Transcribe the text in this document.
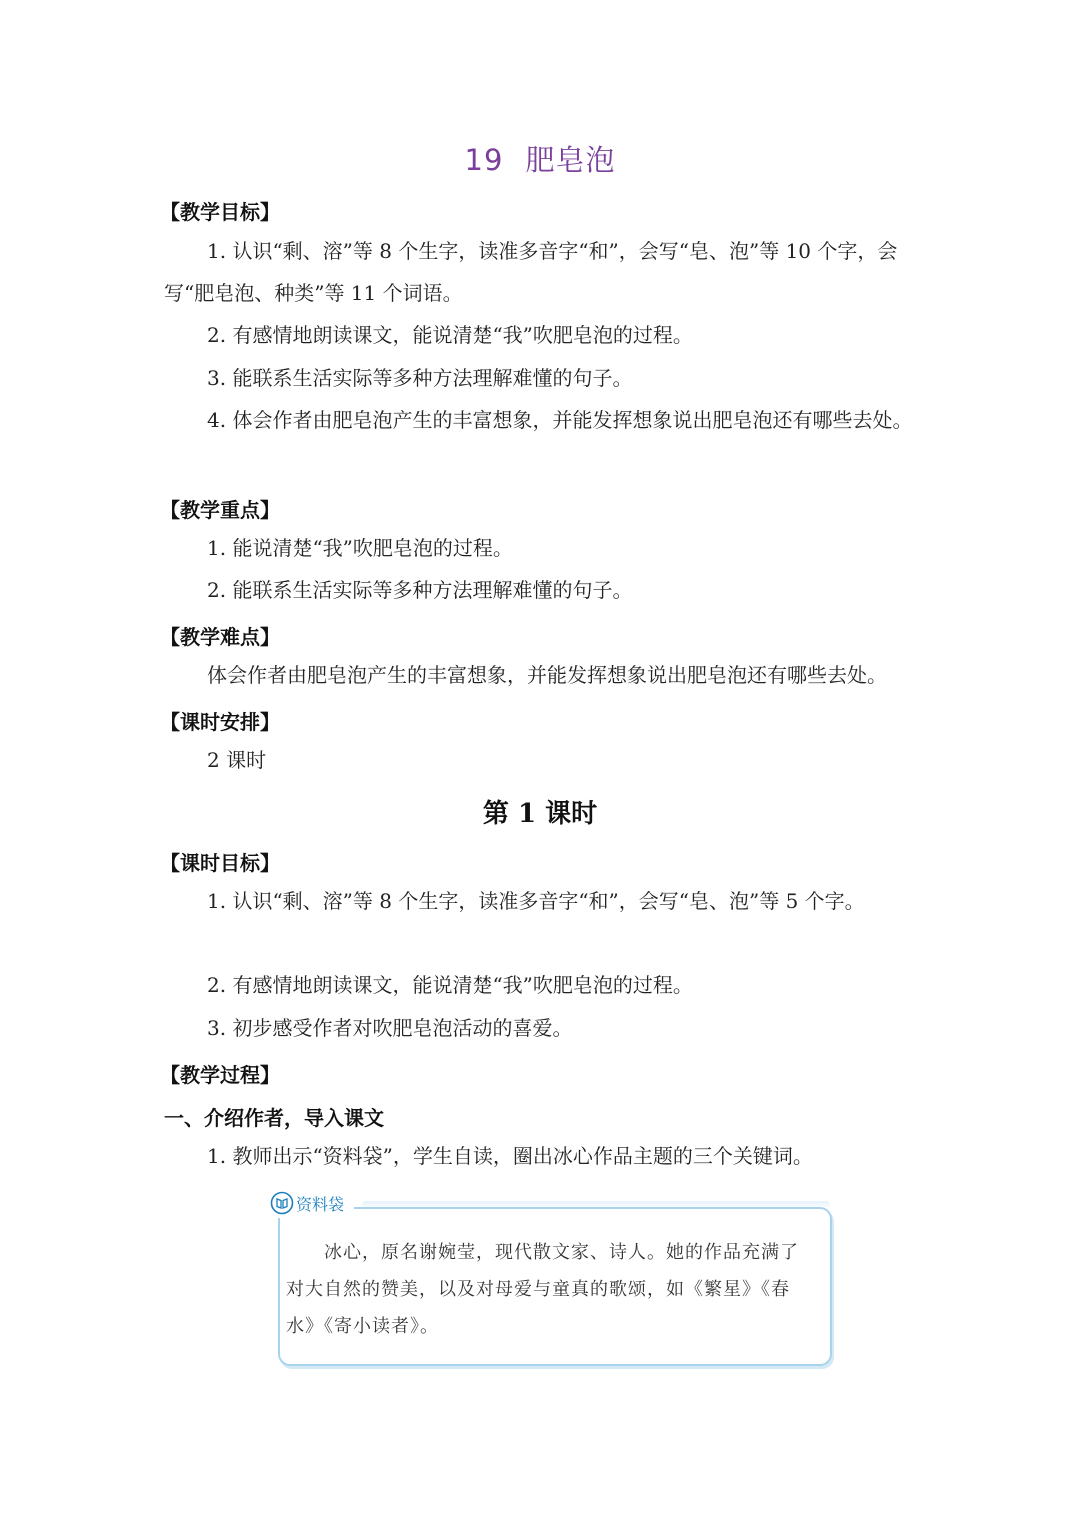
19 肥皂泡
【教学目标】
1. 认识“剩、溶”等 8 个生字，读准多音字“和”，会写“皂、泡”等 10 个字，会写“肥皂泡、种类”等 11 个词语。
2. 有感情地朗读课文，能说清楚“我”吹肥皂泡的过程。
3. 能联系生活实际等多种方法理解难懂的句子。
4. 体会作者由肥皂泡产生的丰富想象，并能发挥想象说出肥皂泡还有哪些去处。
【教学重点】
1. 能说清楚“我”吹肥皂泡的过程。
2. 能联系生活实际等多种方法理解难懂的句子。
【教学难点】
体会作者由肥皂泡产生的丰富想象，并能发挥想象说出肥皂泡还有哪些去处。
【课时安排】
2 课时
第 1 课时
【课时目标】
1. 认识“剩、溶”等 8 个生字，读准多音字“和”，会写“皂、泡”等 5 个字。
2. 有感情地朗读课文，能说清楚“我”吹肥皂泡的过程。
3. 初步感受作者对吹肥皂泡活动的喜爱。
【教学过程】
一、介绍作者，导入课文
1. 教师出示“资料袋”，学生自读，圈出冰心作品主题的三个关键词。
资料袋
冰心，原名谢婉莹，现代散文家、诗人。她的作品充满了对大自然的赞美，以及对母爱与童真的歌颂，如《繁星》《春水》《寄小读者》。
